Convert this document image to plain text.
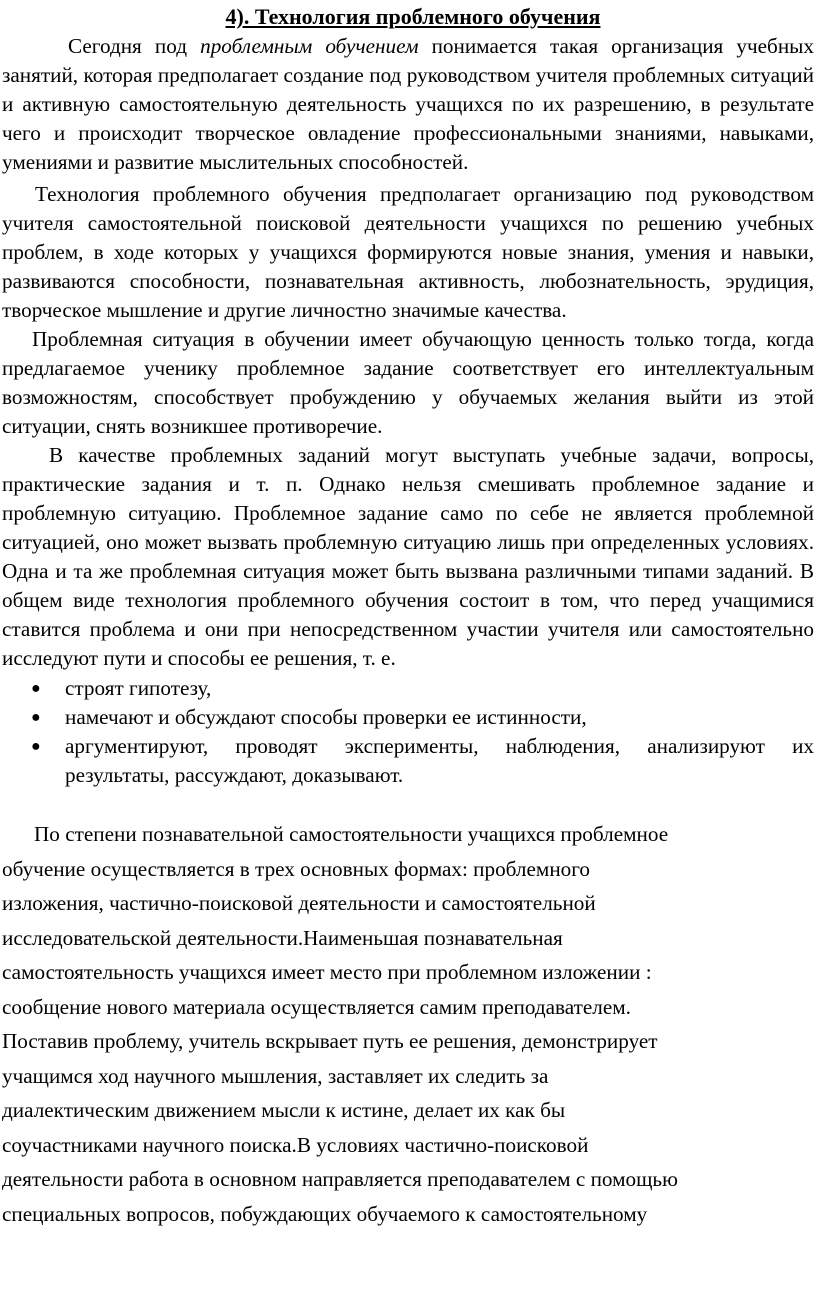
4). Технология проблемного обучения

Сегодня под проблемным обучением понимается такая организация учебных занятий, которая предполагает создание под руководством учителя проблемных ситуаций и активную самостоятельную деятельность учащихся по их разрешению, в результате чего и происходит творческое овладение профессиональными знаниями, навыками, умениями и развитие мыслительных способностей.

Технология проблемного обучения предполагает организацию под руководством учителя самостоятельной поисковой деятельности учащихся по решению учебных проблем, в ходе которых у учащихся формируются новые знания, умения и навыки, развиваются способности, познавательная активность, любознательность, эрудиция, творческое мышление и другие личностно значимые качества.

Проблемная ситуация в обучении имеет обучающую ценность только тогда, когда предлагаемое ученику проблемное задание соответствует его интеллектуальным возможностям, способствует пробуждению у обучаемых желания выйти из этой ситуации, снять возникшее противоречие.

В качестве проблемных заданий могут выступать учебные задачи, вопросы, практические задания и т. п. Однако нельзя смешивать проблемное задание и проблемную ситуацию. Проблемное задание само по себе не является проблемной ситуацией, оно может вызвать проблемную ситуацию лишь при определенных условиях. Одна и та же проблемная ситуация может быть вызвана различными типами заданий. В общем виде технология проблемного обучения состоит в том, что перед учащимися ставится проблема и они при непосредственном участии учителя или самостоятельно исследуют пути и способы ее решения, т. е.

● строят гипотезу,
● намечают и обсуждают способы проверки ее истинности,
● аргументируют, проводят эксперименты, наблюдения, анализируют их результаты, рассуждают, доказывают.
По степени познавательной самостоятельности учащихся проблемное
обучение осуществляется в трех основных формах: проблемного
изложения, частично-поисковой деятельности и самостоятельной
исследовательской деятельности.Наименьшая познавательная
самостоятельность учащихся имеет место при проблемном изложении :
сообщение нового материала осуществляется самим преподавателем.
Поставив проблему, учитель вскрывает путь ее решения, демонстрирует
учащимся ход научного мышления, заставляет их следить за
диалектическим движением мысли к истине, делает их как бы
соучастниками научного поиска.В условиях частично-поисковой
деятельности работа в основном направляется преподавателем с помощью
специальных вопросов, побуждающих обучаемого к самостоятельному
